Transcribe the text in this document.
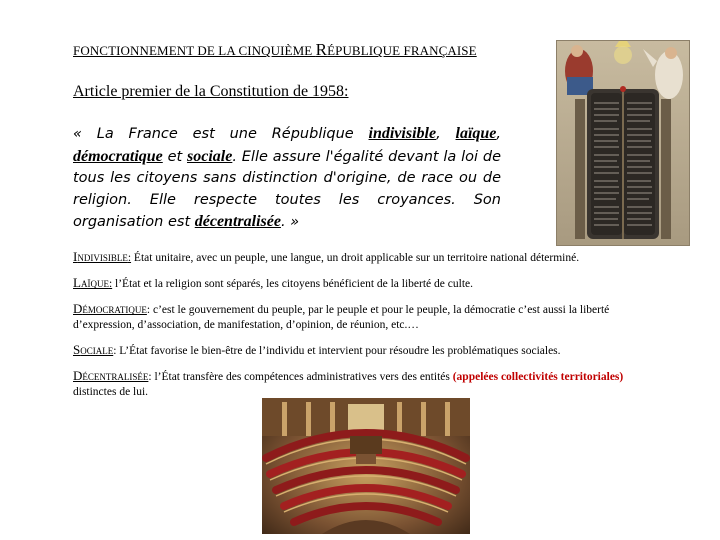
FONCTIONNEMENT DE LA CINQUIÈME RÉPUBLIQUE FRANÇAISE
Article premier de la Constitution de 1958:
« La France est une République indivisible, laïque, démocratique et sociale. Elle assure l'égalité devant la loi de tous les citoyens sans distinction d'origine, de race ou de religion. Elle respecte toutes les croyances. Son organisation est décentralisée. »
INDIVISIBLE: État unitaire, avec un peuple, une langue, un droit applicable sur un territoire national déterminé.
LAÏQUE: l’État et la religion sont séparés, les citoyens bénéficient de la liberté de culte.
DÉMOCRATIQUE: c’est le gouvernement du peuple, par le peuple et pour le peuple, la démocratie c’est aussi la liberté d’expression, d’association, de manifestation, d’opinion, de réunion, etc.…
SOCIALE: L’État favorise le bien-être de l’individu et intervient pour résoudre les problématiques sociales.
DÉCENTRALISÉE: l’État transfère des compétences administratives vers des entités (appelées collectivités territoriales) distinctes de lui.
